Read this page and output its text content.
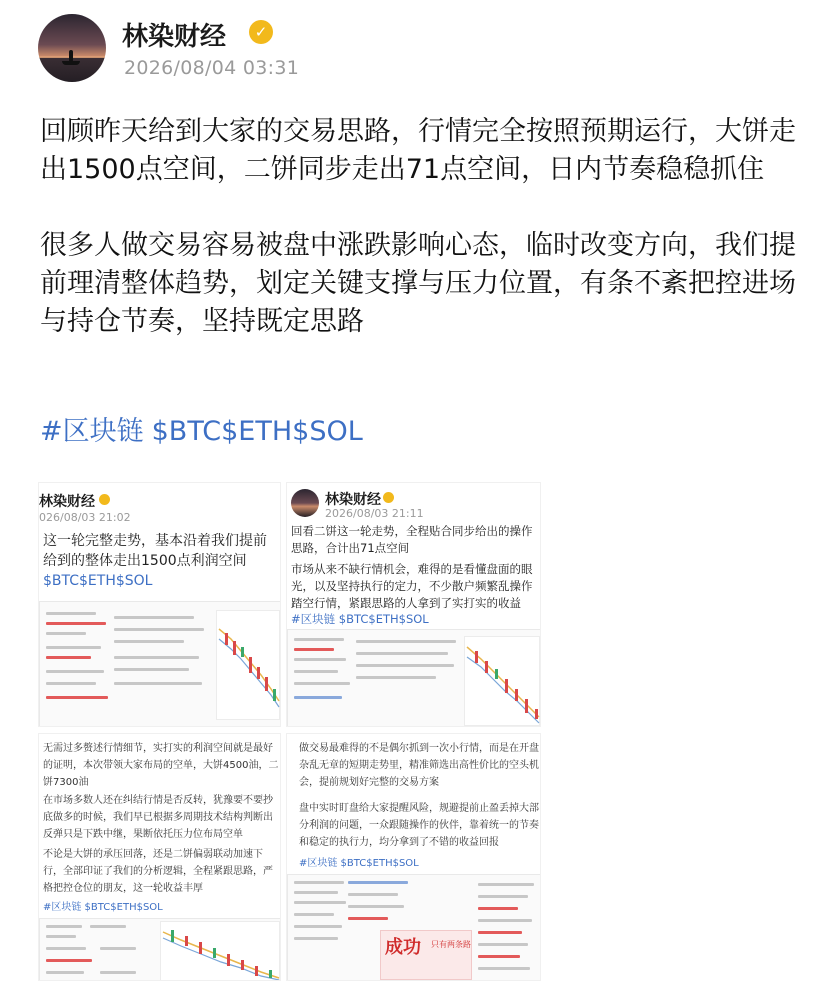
林染财经	✓
2026/08/04 03:31

回顾昨天给到大家的交易思路，行情完全按照预期运行，大饼走出1500点空间，二饼同步走出71点空间，日内节奏稳稳抓住

很多人做交易容易被盘中涨跌影响心态，临时改变方向，我们提前理清整体趋势，划定关键支撑与压力位置，有条不紊把控进场与持仓节奏，坚持既定思路

#区块链 $BTC$ETH$SOL
林染财经
026/08/03 21:02
这一轮完整走势，基本沿着我们提前给到的整体走出1500点利润空间
$BTC$ETH$SOL
林染财经
2026/08/03 21:11
回看二饼这一轮走势，全程贴合同步给出的操作思路，合计出71点空间
市场从来不缺行情机会，难得的是看懂盘面的眼光，以及坚持执行的定力，不少散户频繁乱操作踏空行情，紧跟思路的人拿到了实打实的收益
#区块链 $BTC$ETH$SOL
无需过多赘述行情细节，实打实的利润空间就是最好的证明，本次带领大家布局的空单，大饼4500油，二饼7300油
在市场多数人还在纠结行情是否反转，犹豫要不要抄底做多的时候，我们早已根据多周期技术结构判断出反弹只是下跌中继，果断依托压力位布局空单
不论是大饼的承压回落，还是二饼偏弱联动加速下行，全部印证了我们的分析逻辑，全程紧跟思路，严格把控仓位的朋友，这一轮收益丰厚
#区块链 $BTC$ETH$SOL
做交易最难得的不是偶尔抓到一次小行情，而是在开盘杂乱无章的短期走势里，精准筛选出高性价比的空头机会，提前规划好完整的交易方案
盘中实时盯盘给大家提醒风险，规避提前止盈丢掉大部分利润的问题，一众跟随操作的伙伴，靠着统一的节奏和稳定的执行力，均分拿到了不错的收益回报
#区块链 $BTC$ETH$SOL
成功 只有两条路
